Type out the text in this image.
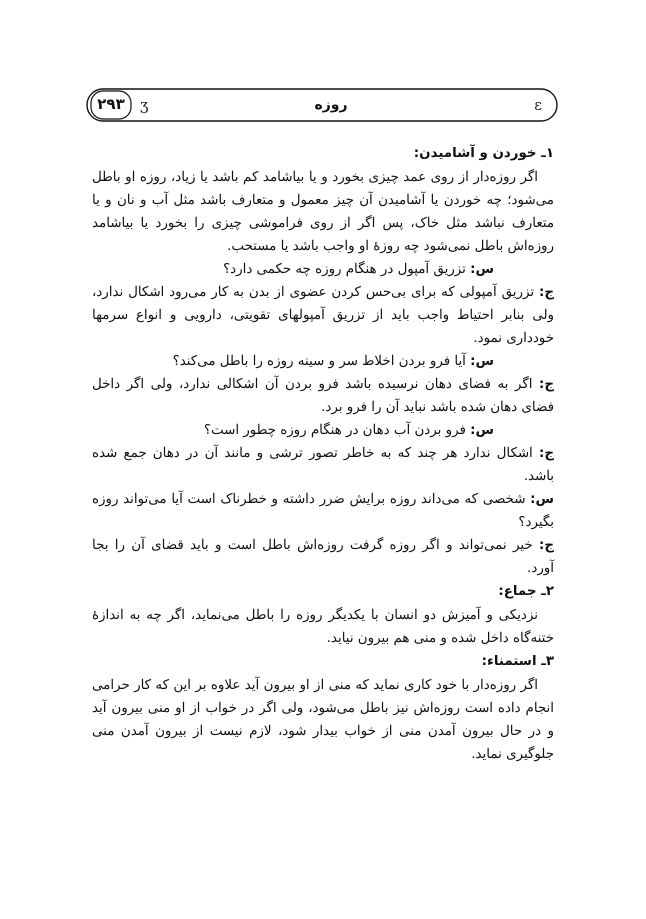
۲۹۳	ʒ	روزه	ɛ

۱ـ خوردن و آشامیدن:

اگر روزه‌دار از روی عمد چیزی بخورد و یا بیاشامد کم باشد یا زیاد، روزه او باطل می‌شود؛ چه خوردن یا آشامیدن آن چیز معمول و متعارف باشد مثل آب و نان و یا متعارف نباشد مثل خاک، پس اگر از روی فراموشی چیزی را بخورد یا بیاشامد روزه‌اش باطل نمی‌شود چه روزهٔ او واجب باشد یا مستحب.

س: تزریق آمپول در هنگام روزه چه حکمی دارد؟

ج: تزریق آمپولی که برای بی‌حس کردن عضوی از بدن به کار می‌رود اشکال ندارد، ولی بنابر احتیاط واجب باید از تزریق آمپولهای تقویتی، دارویی و انواع سرمها خودداری نمود.

س: آیا فرو بردن اخلاط سر و سینه روزه را باطل می‌کند؟

ج: اگر به فضای دهان نرسیده باشد فرو بردن آن اشکالی ندارد، ولی اگر داخل فضای دهان شده باشد نباید آن را فرو برد.

س: فرو بردن آب دهان در هنگام روزه چطور است؟

ج: اشکال ندارد هر چند که به خاطر تصور ترشی و مانند آن در دهان جمع شده باشد.

س: شخصی که می‌داند روزه برایش ضرر داشته و خطرناک است آیا می‌تواند روزه بگیرد؟

ج: خیر نمی‌تواند و اگر روزه گرفت روزه‌اش باطل است و باید قضای آن را بجا آورد.

۲ـ جماع:

نزدیکی و آمیزش دو انسان با یکدیگر روزه را باطل می‌نماید، اگر چه به اندازهٔ ختنه‌گاه داخل شده و منی هم بیرون نیاید.

۳ـ استمناء:

اگر روزه‌دار با خود کاری نماید که منی از او بیرون آید علاوه بر این که کار حرامی انجام داده است روزه‌اش نیز باطل می‌شود، ولی اگر در خواب از او منی بیرون آید و در حال بیرون آمدن منی از خواب بیدار شود، لازم نیست از بیرون آمدن منی جلوگیری نماید.
